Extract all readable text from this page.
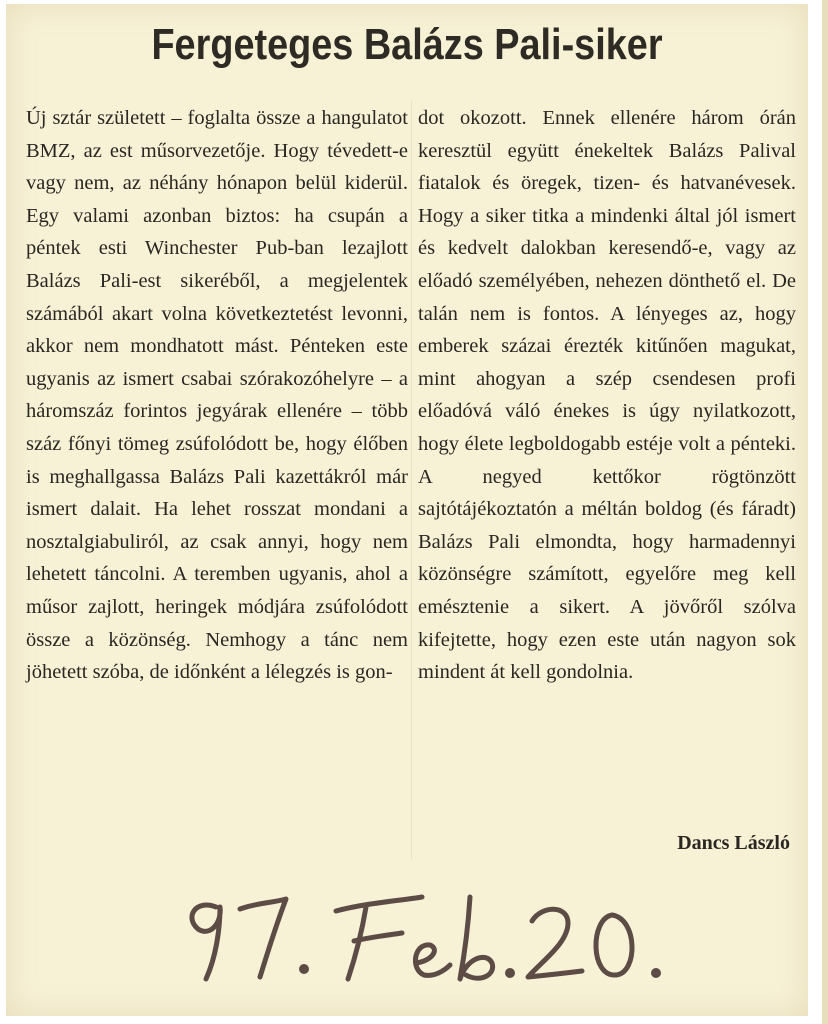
Fergeteges Balázs Pali-siker

Új sztár született – foglalta össze a hangulatot BMZ, az est műsorvezetője. Hogy tévedett-e vagy nem, az néhány hónapon belül kiderül. Egy valami azonban biztos: ha csupán a péntek esti Winchester Pub-ban lezajlott Balázs Pali-est sikeréből, a megjelentek számából akart volna következtetést levonni, akkor nem mondhatott mást. Pénteken este ugyanis az ismert csabai szórakozóhelyre – a háromszáz forintos jegyárak ellenére – több száz főnyi tömeg zsúfolódott be, hogy élőben is meghallgassa Balázs Pali kazettákról már ismert dalait. Ha lehet rosszat mondani a nosztalgiabuliról, az csak annyi, hogy nem lehetett táncolni. A teremben ugyanis, ahol a műsor zajlott, heringek módjára zsúfolódott össze a közönség. Nemhogy a tánc nem jöhetett szóba, de időnként a lélegzés is gon-

dot okozott. Ennek ellenére három órán keresztül együtt énekeltek Balázs Palival fiatalok és öregek, tizen- és hatvanévesek. Hogy a siker titka a mindenki által jól ismert és kedvelt dalokban keresendő-e, vagy az előadó személyében, nehezen dönthető el. De talán nem is fontos. A lényeges az, hogy emberek százai érezték kitűnően magukat, mint ahogyan a szép csendesen profi előadóvá váló énekes is úgy nyilatkozott, hogy élete legboldogabb estéje volt a pénteki. A negyed kettőkor rögtönzött sajtótájékoztatón a méltán boldog (és fáradt) Balázs Pali elmondta, hogy harmadennyi közönségre számított, egyelőre meg kell emésztenie a sikert. A jövőről szólva kifejtette, hogy ezen este után nagyon sok mindent át kell gondolnia.

Dancs László
